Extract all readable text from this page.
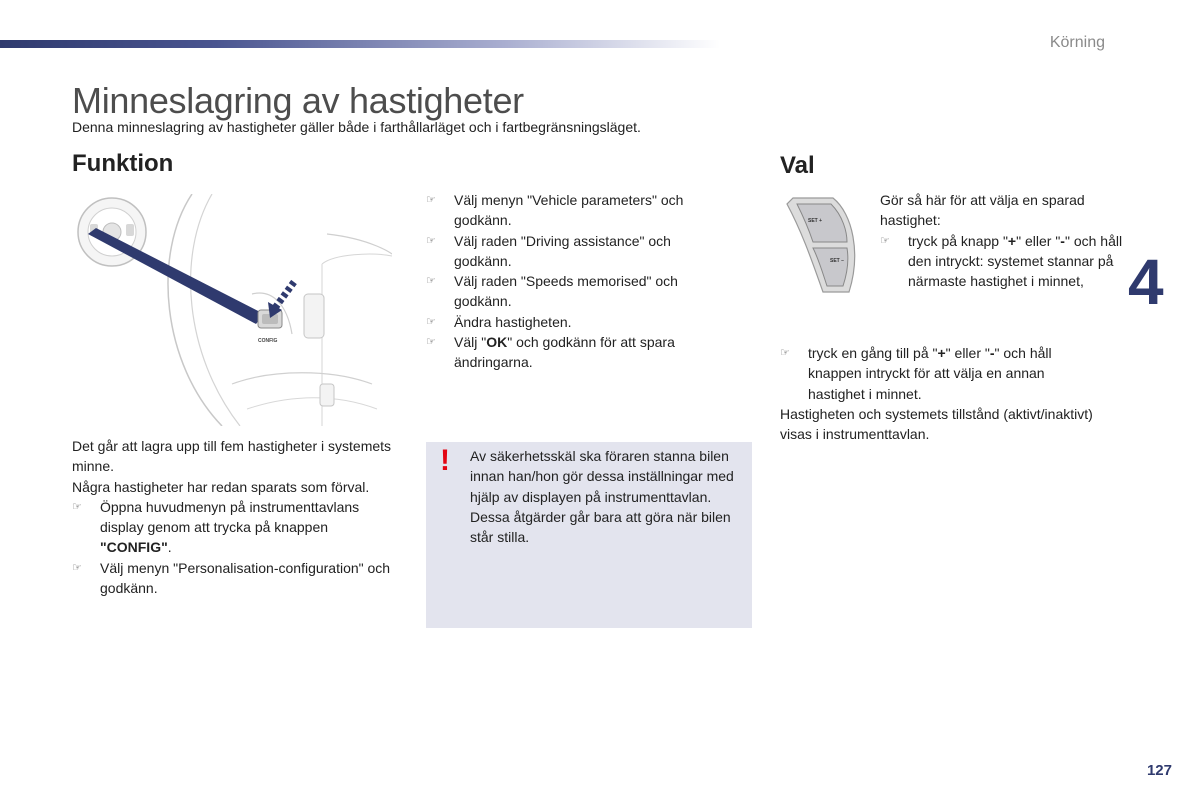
Körning
Minneslagring av hastigheter
Denna minneslagring av hastigheter gäller både i farthållarläget och i fartbegränsningsläget.
Funktion	Val
CONFIG
☞ Välj menyn "Vehicle parameters" och godkänn.
☞ Välj raden "Driving assistance" och godkänn.
☞ Välj raden "Speeds memorised" och godkänn.
☞ Ändra hastigheten.
☞ Välj "OK" och godkänn för att spara ändringarna.

Det går att lagra upp till fem hastigheter i systemets minne.

Några hastigheter har redan sparats som förval.

☞ Öppna huvudmenyn på instrumenttavlans display genom att trycka på knappen "CONFIG".
☞ Välj menyn "Personalisation-configuration" och godkänn.
! Av säkerhetsskäl ska föraren stanna bilen innan han/hon gör dessa inställningar med hjälp av displayen på instrumenttavlan.

Dessa åtgärder går bara att göra när bilen står stilla.

SET +
SET –

Gör så här för att välja en sparad hastighet:

☞ tryck på knapp "+" eller "-" och håll den intryckt: systemet stannar på närmaste hastighet i minnet,
☞ tryck en gång till på "+" eller "-" och håll knappen intryckt för att välja en annan hastighet i minnet.

Hastigheten och systemets tillstånd (aktivt/inaktivt) visas i instrumenttavlan.

4
127
